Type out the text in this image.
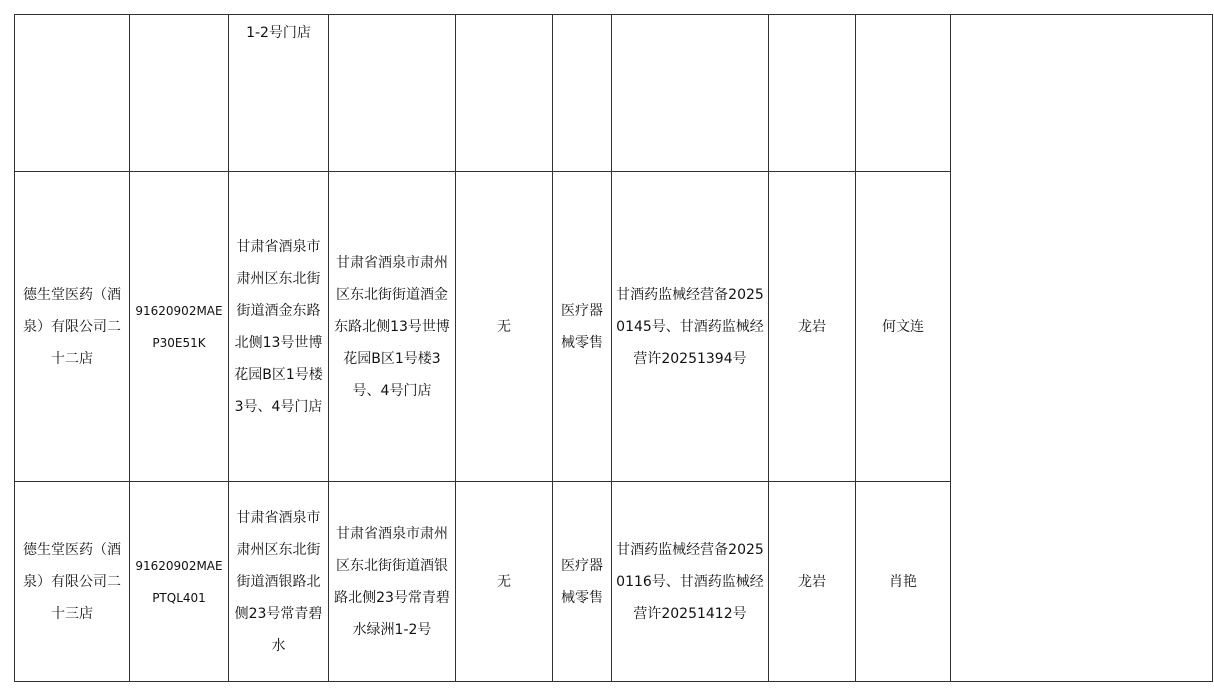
		1-2号门店							
德生堂医药（酒泉）有限公司二十二店	91620902MAEP30E51K	甘肃省酒泉市肃州区东北街街道酒金东路北侧13号世博花园B区1号楼3号、4号门店	甘肃省酒泉市肃州区东北街街道酒金东路北侧13号世博花园B区1号楼3号、4号门店	无	医疗器械零售	甘酒药监械经营备20250145号、甘酒药监械经营许20251394号	龙岩	何文连	
德生堂医药（酒泉）有限公司二十三店	91620902MAEPTQL401	甘肃省酒泉市肃州区东北街街道酒银路北侧23号常青碧水	甘肃省酒泉市肃州区东北街街道酒银路北侧23号常青碧水绿洲1-2号	无	医疗器械零售	甘酒药监械经营备20250116号、甘酒药监械经营许20251412号	龙岩	肖艳	
